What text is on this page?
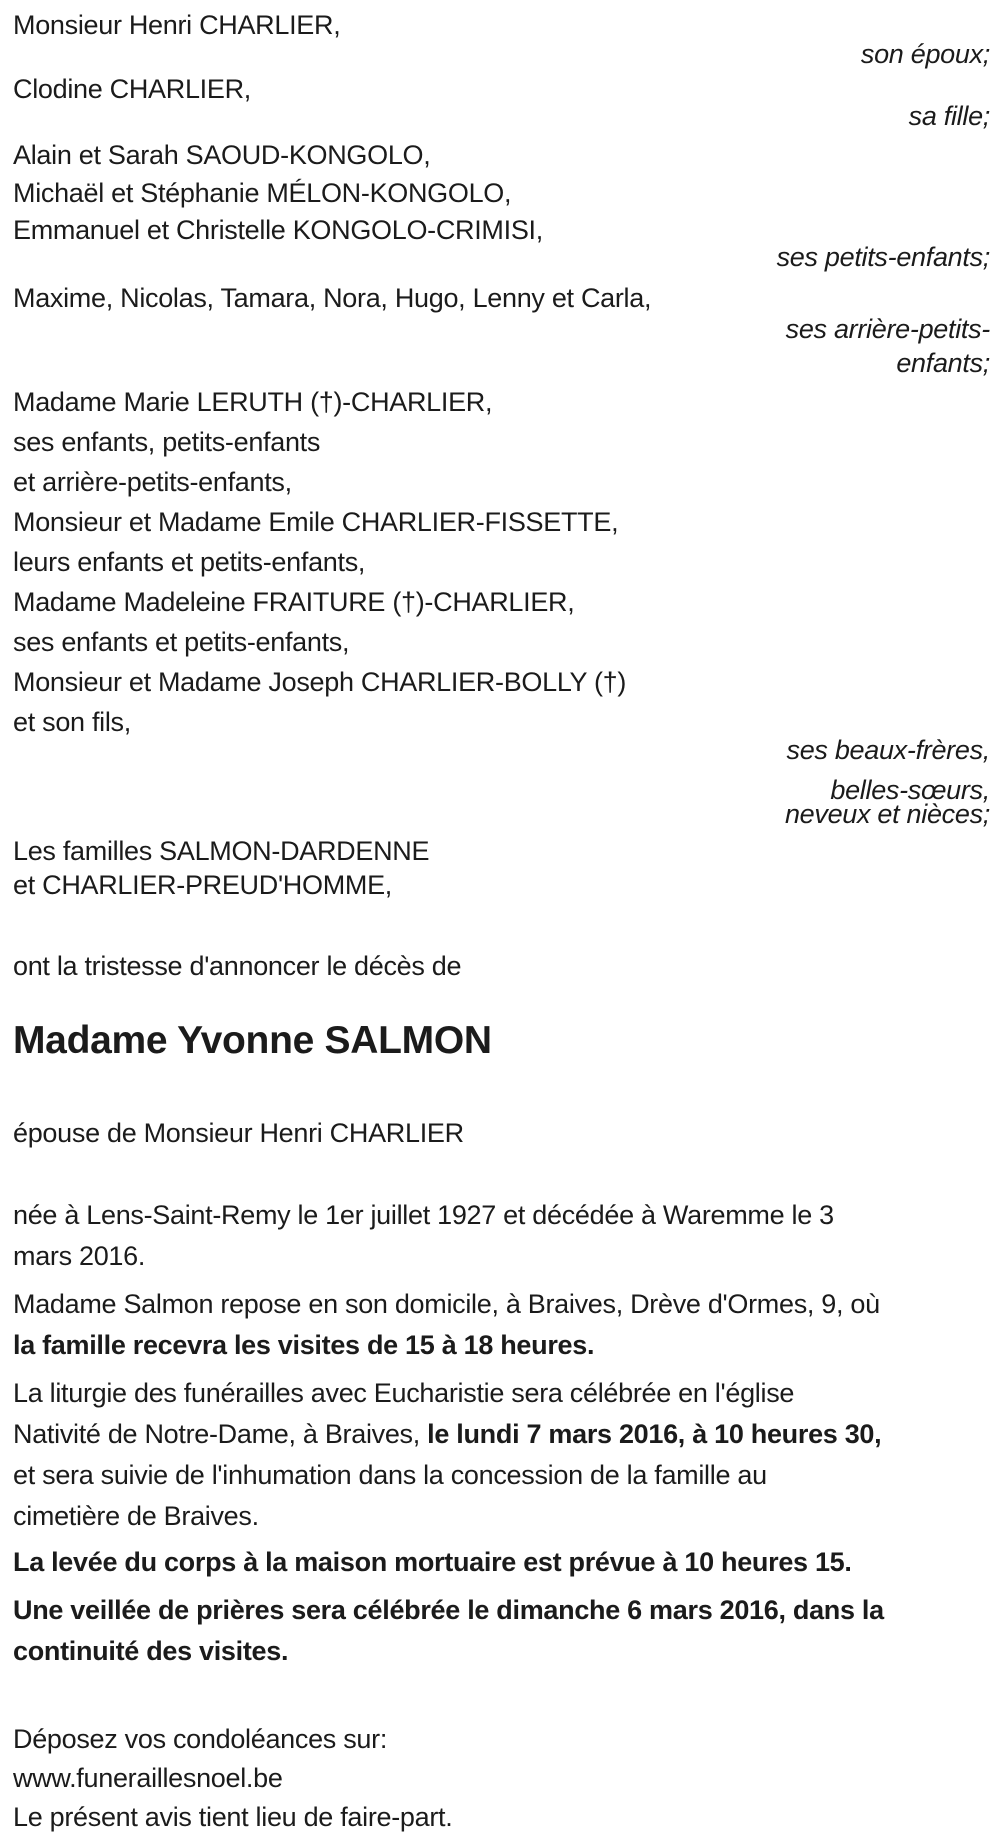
Monsieur Henri CHARLIER,
son époux;
Clodine CHARLIER,
sa fille;
Alain et Sarah SAOUD-KONGOLO,
Michaël et Stéphanie MÉLON-KONGOLO,
Emmanuel et Christelle KONGOLO-CRIMISI,
ses petits-enfants;
Maxime, Nicolas, Tamara, Nora, Hugo, Lenny et Carla,
ses arrière-petits-
enfants;
Madame Marie LERUTH (†)-CHARLIER,
ses enfants, petits-enfants
et arrière-petits-enfants,
Monsieur et Madame Emile CHARLIER-FISSETTE,
leurs enfants et petits-enfants,
Madame Madeleine FRAITURE (†)-CHARLIER,
ses enfants et petits-enfants,
Monsieur et Madame Joseph CHARLIER-BOLLY (†)
et son fils,
ses beaux-frères,
belles-sœurs,
neveux et nièces;
Les familles SALMON-DARDENNE
et CHARLIER-PREUD'HOMME,
ont la tristesse d'annoncer le décès de
Madame Yvonne SALMON
épouse de Monsieur Henri CHARLIER
née à Lens-Saint-Remy le 1er juillet 1927 et décédée à Waremme le 3
mars 2016.
Madame Salmon repose en son domicile, à Braives, Drève d'Ormes, 9, où
la famille recevra les visites de 15 à 18 heures.
La liturgie des funérailles avec Eucharistie sera célébrée en l'église
Nativité de Notre-Dame, à Braives, le lundi 7 mars 2016, à 10 heures 30,
et sera suivie de l'inhumation dans la concession de la famille au
cimetière de Braives.
La levée du corps à la maison mortuaire est prévue à 10 heures 15.
Une veillée de prières sera célébrée le dimanche 6 mars 2016, dans la
continuité des visites.
Déposez vos condoléances sur:
www.funeraillesnoel.be
Le présent avis tient lieu de faire-part.
